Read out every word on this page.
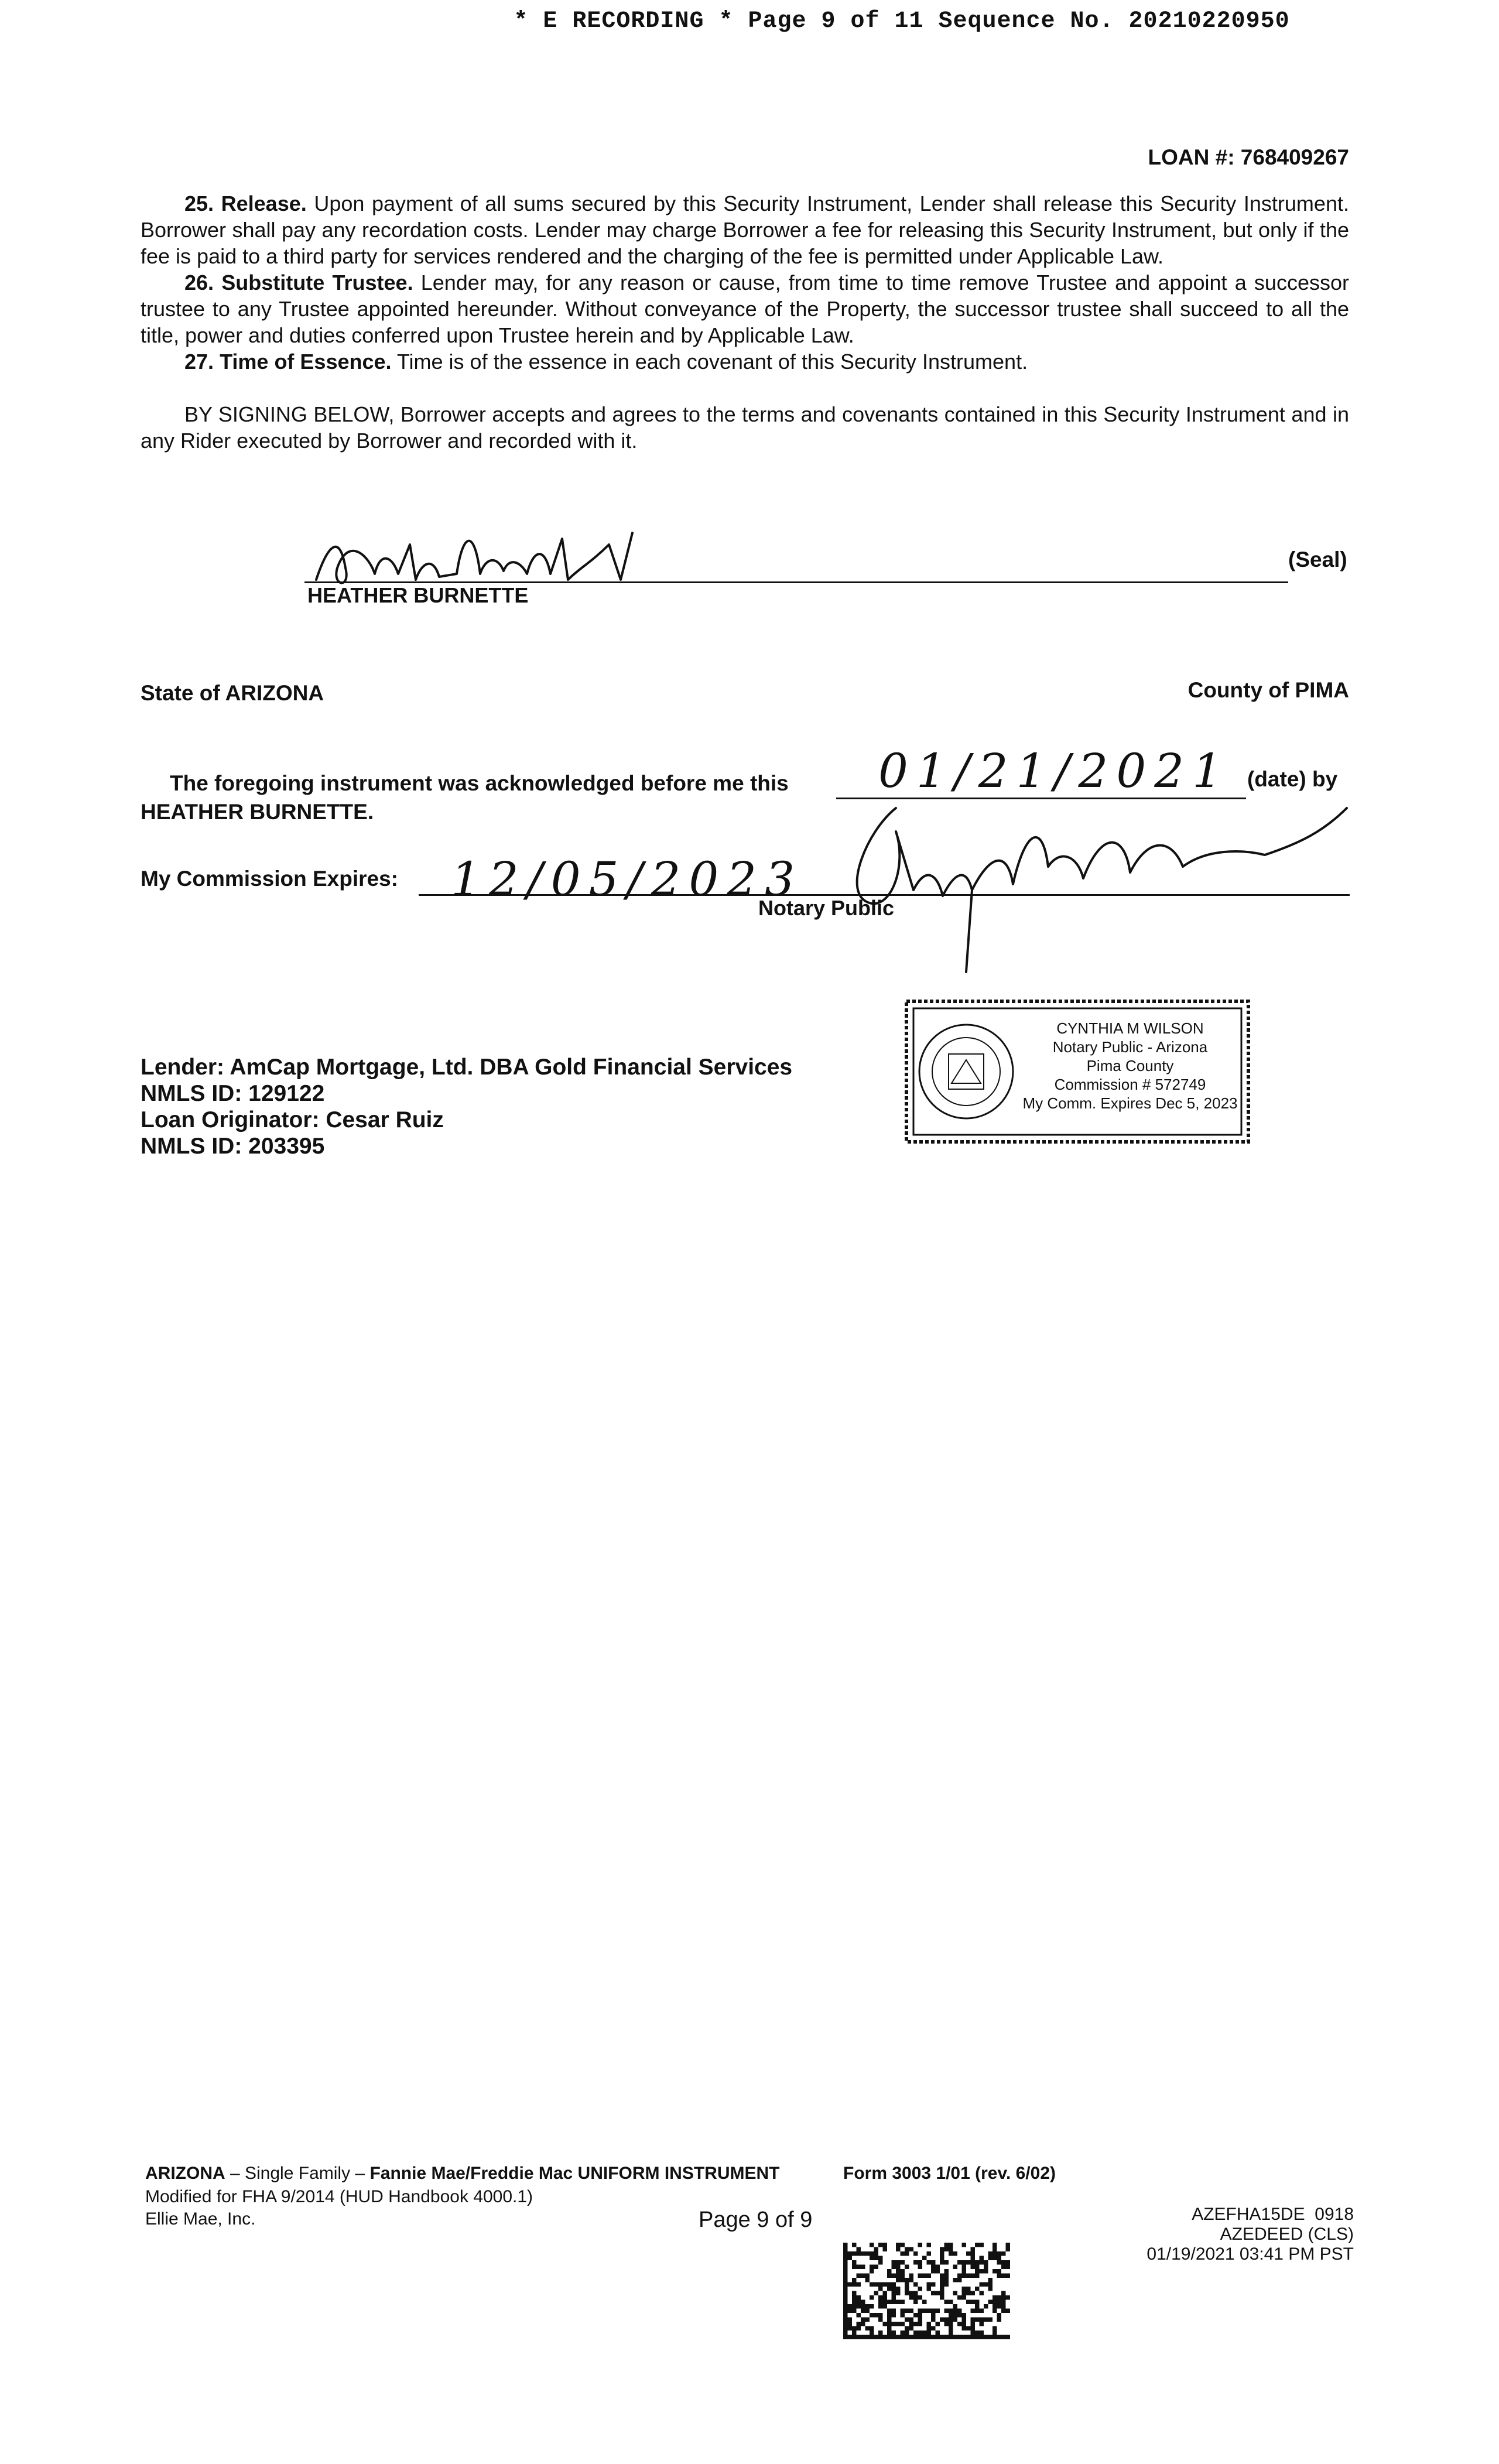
* E RECORDING * Page 9 of 11 Sequence No. 20210220950
LOAN #: 768409267
25. Release. Upon payment of all sums secured by this Security Instrument, Lender shall release this Security Instrument. Borrower shall pay any recordation costs. Lender may charge Borrower a fee for releasing this Security Instrument, but only if the fee is paid to a third party for services rendered and the charging of the fee is permitted under Applicable Law.
26. Substitute Trustee. Lender may, for any reason or cause, from time to time remove Trustee and appoint a successor trustee to any Trustee appointed hereunder. Without conveyance of the Property, the successor trustee shall succeed to all the title, power and duties conferred upon Trustee herein and by Applicable Law.
27. Time of Essence. Time is of the essence in each covenant of this Security Instrument.
BY SIGNING BELOW, Borrower accepts and agrees to the terms and covenants contained in this Security Instrument and in any Rider executed by Borrower and recorded with it.
(Seal)
HEATHER BURNETTE
State of ARIZONA	County of PIMA
The foregoing instrument was acknowledged before me this 01/21/2021 (date) by
HEATHER BURNETTE.
My Commission Expires: 12/05/2023
Notary Public
CYNTHIA M WILSON
Notary Public - Arizona
Pima County
Commission # 572749
My Comm. Expires Dec 5, 2023
Lender: AmCap Mortgage, Ltd. DBA Gold Financial Services
NMLS ID: 129122
Loan Originator: Cesar Ruiz
NMLS ID: 203395
ARIZONA – Single Family – Fannie Mae/Freddie Mac UNIFORM INSTRUMENT	Form 3003 1/01 (rev. 6/02)
Modified for FHA 9/2014 (HUD Handbook 4000.1)
Ellie Mae, Inc.	Page 9 of 9	AZEFHA15DE  0918
AZEDEED (CLS)
01/19/2021 03:41 PM PST
